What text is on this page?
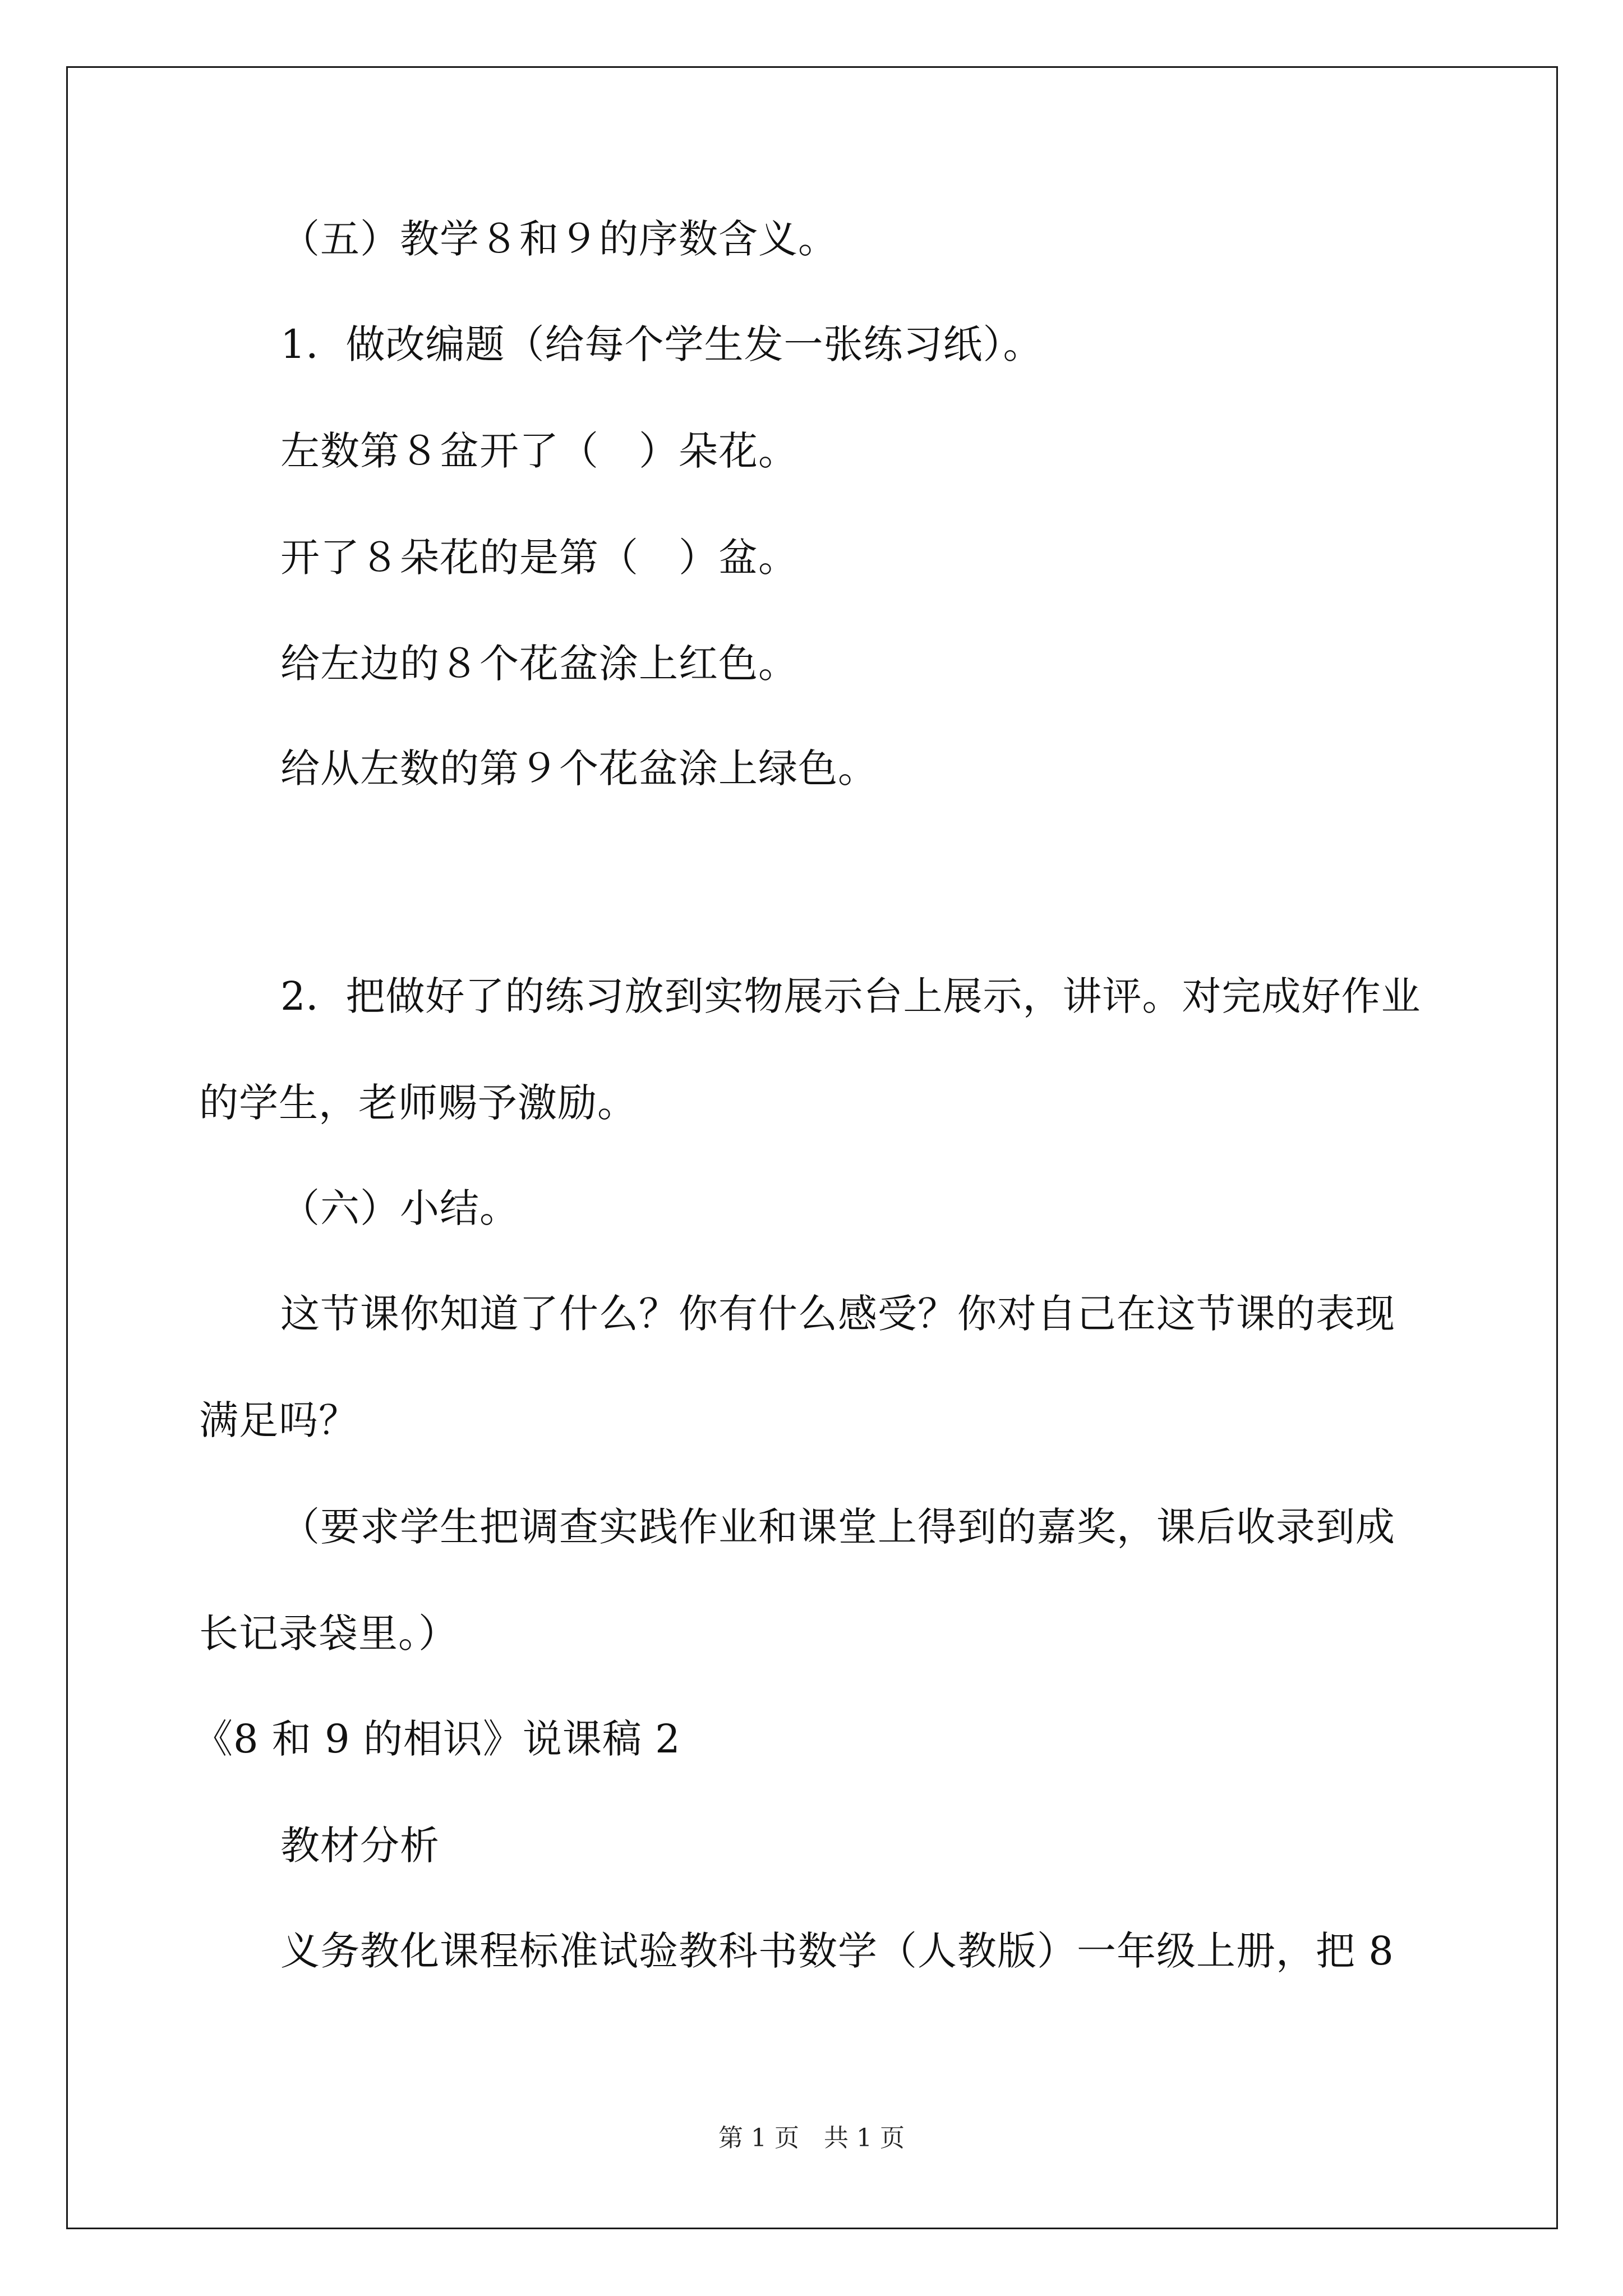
（五）教学８和９的序数含义。

1．做改编题（给每个学生发一张练习纸）。

左数第８盆开了（　）朵花。

开了８朵花的是第（　）盆。

给左边的８个花盆涂上红色。

给从左数的第９个花盆涂上绿色。

2．把做好了的练习放到实物展示台上展示，讲评。对完成好作业

的学生，老师赐予激励。

（六）小结。

这节课你知道了什么？你有什么感受？你对自己在这节课的表现

满足吗？

（要求学生把调查实践作业和课堂上得到的嘉奖，课后收录到成

长记录袋里。）

《8 和 9 的相识》说课稿 2

教材分析

义务教化课程标准试验教科书数学（人教版）一年级上册，把 8

第 1 页 共 1 页
